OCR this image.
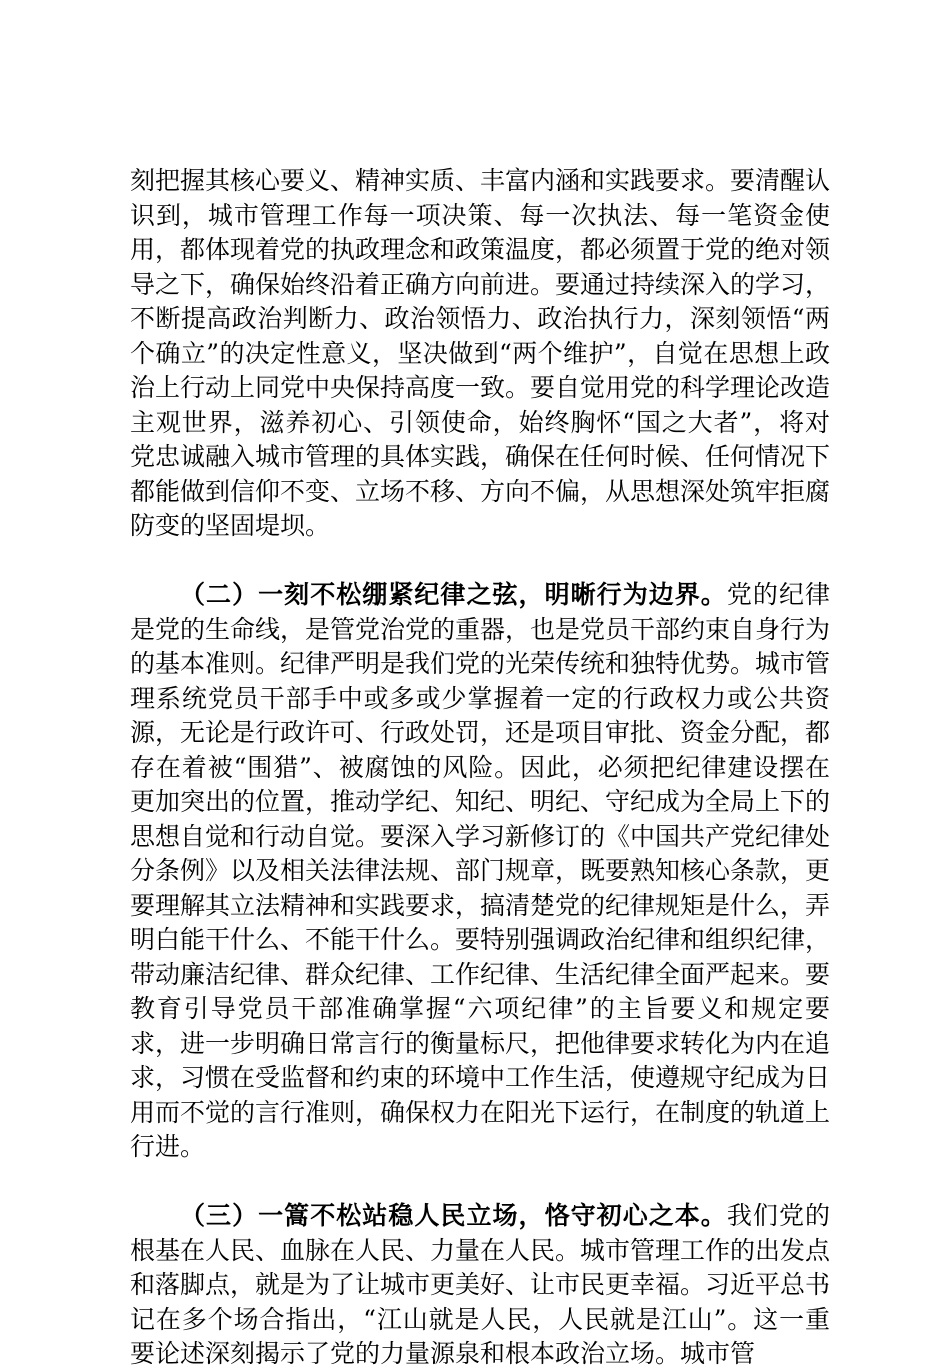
刻把握其核心要义、精神实质、丰富内涵和实践要求。要清醒认识到，城市管理工作每一项决策、每一次执法、每一笔资金使用，都体现着党的执政理念和政策温度，都必须置于党的绝对领导之下，确保始终沿着正确方向前进。要通过持续深入的学习，不断提高政治判断力、政治领悟力、政治执行力，深刻领悟“两个确立”的决定性意义，坚决做到“两个维护”，自觉在思想上政治上行动上同党中央保持高度一致。要自觉用党的科学理论改造主观世界，滋养初心、引领使命，始终胸怀“国之大者”，将对党忠诚融入城市管理的具体实践，确保在任何时候、任何情况下都能做到信仰不变、立场不移、方向不偏，从思想深处筑牢拒腐防变的坚固堤坝。

（二）一刻不松绷紧纪律之弦，明晰行为边界。党的纪律是党的生命线，是管党治党的重器，也是党员干部约束自身行为的基本准则。纪律严明是我们党的光荣传统和独特优势。城市管理系统党员干部手中或多或少掌握着一定的行政权力或公共资源，无论是行政许可、行政处罚，还是项目审批、资金分配，都存在着被“围猎”、被腐蚀的风险。因此，必须把纪律建设摆在更加突出的位置，推动学纪、知纪、明纪、守纪成为全局上下的思想自觉和行动自觉。要深入学习新修订的《中国共产党纪律处分条例》以及相关法律法规、部门规章，既要熟知核心条款，更要理解其立法精神和实践要求，搞清楚党的纪律规矩是什么，弄明白能干什么、不能干什么。要特别强调政治纪律和组织纪律，带动廉洁纪律、群众纪律、工作纪律、生活纪律全面严起来。要教育引导党员干部准确掌握“六项纪律”的主旨要义和规定要求，进一步明确日常言行的衡量标尺，把他律要求转化为内在追求，习惯在受监督和约束的环境中工作生活，使遵规守纪成为日用而不觉的言行准则，确保权力在阳光下运行，在制度的轨道上行进。

（三）一篙不松站稳人民立场，恪守初心之本。我们党的根基在人民、血脉在人民、力量在人民。城市管理工作的出发点和落脚点，就是为了让城市更美好、让市民更幸福。习近平总书记在多个场合指出，“江山就是人民，人民就是江山”。这一重要论述深刻揭示了党的力量源泉和根本政治立场。城市管
